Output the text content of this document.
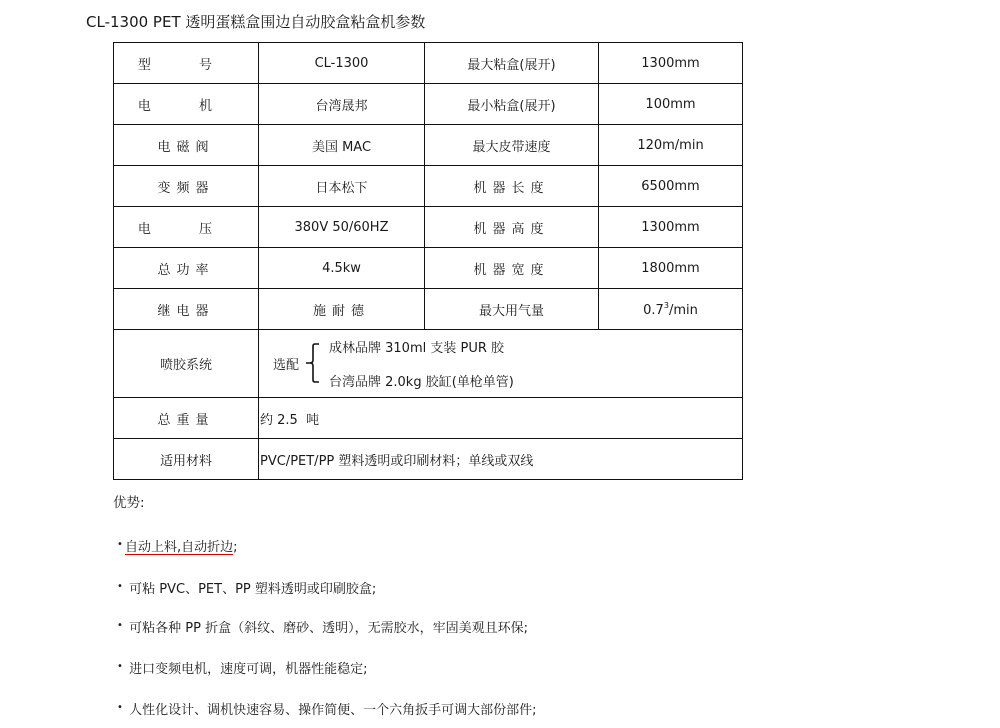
CL-1300 PET 透明蛋糕盒围边自动胶盒粘盒机参数
型 号	CL-1300	最大粘盒(展开)	1300mm
电 机	台湾晟邦	最小粘盒(展开)	100mm
电磁阀	美国 MAC	最大皮带速度	120m/min
变频器	日本松下	机器长度	6500mm
电 压	380V 50/60HZ	机器高度	1300mm
总功率	4.5kw	机器宽度	1800mm
继电器	施耐德	最大用气量	$0.7^3/\min$
喷胶系统	选配
成林品牌 310ml 支装 PUR 胶
台湾品牌 2.0kg 胶缸(单枪单管)		

总重量	约 2.5  吨		
适用材料	PVC/PET/PP 塑料透明或印刷材料；单线或双线		
优势:
• 自动上料,自动折边;
• 可粘 PVC、PET、PP 塑料透明或印刷胶盒;
• 可粘各种 PP 折盒（斜纹、磨砂、透明），无需胶水，牢固美观且环保;
• 进口变频电机，速度可调，机器性能稳定;
• 人性化设计、调机快速容易、操作简便、一个六角扳手可调大部份部件;
